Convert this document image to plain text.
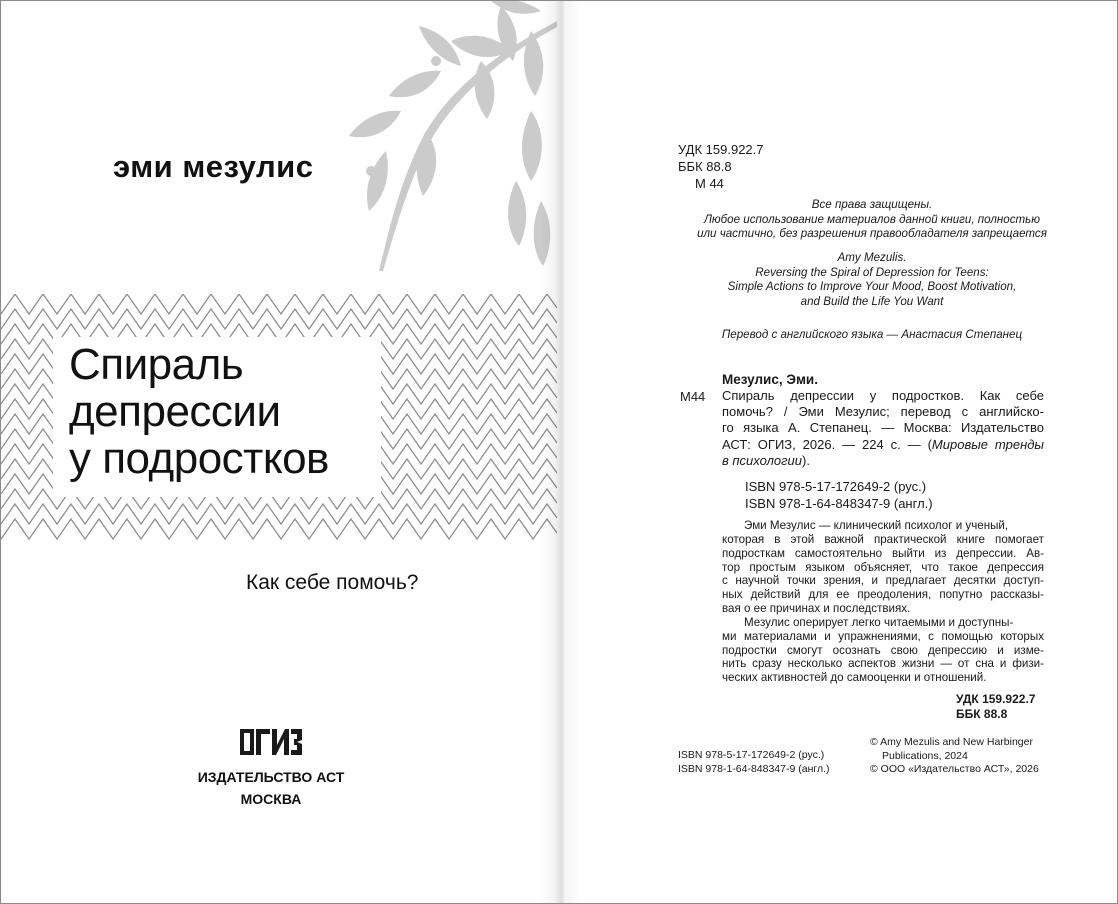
эми мезулис
Спираль
депрессии
у подростков
Как себе помочь?
ИЗДАТЕЛЬСТВО АСТ
МОСКВА
УДК 159.922.7
ББК 88.8
М 44
Все права защищены.
Любое использование материалов данной книги, полностью
или частично, без разрешения правообладателя запрещается
Amy Mezulis.
Reversing the Spiral of Depression for Teens:
Simple Actions to Improve Your Mood, Boost Motivation,
and Build the Life You Want
Перевод с английского языка — Анастасия Степанец
М44
Мезулис, Эми.
Спираль депрессии у подростков. Как себе
помочь? / Эми Мезулис; перевод с английско-
го языка А. Степанец. — Москва: Издательство
АСТ: ОГИЗ, 2026. — 224 с. — (Мировые тренды
в психологии).
ISBN 978-5-17-172649-2 (рус.)
ISBN 978-1-64-848347-9 (англ.)
Эми Мезулис — клинический психолог и ученый,
которая в этой важной практической книге помогает
подросткам самостоятельно выйти из депрессии. Ав-
тор простым языком объясняет, что такое депрессия
с научной точки зрения, и предлагает десятки доступ-
ных действий для ее преодоления, попутно рассказы-
вая о ее причинах и последствиях.
Мезулис оперирует легко читаемыми и доступны-
ми материалами и упражнениями, с помощью которых
подростки смогут осознать свою депрессию и изме-
нить сразу несколько аспектов жизни — от сна и физи-
ческих активностей до самооценки и отношений.
УДК 159.922.7
ББК 88.8
ISBN 978-5-17-172649-2 (рус.)
ISBN 978-1-64-848347-9 (англ.)
© Amy Mezulis and New Harbinger
Publications, 2024
© ООО «Издательство АСТ», 2026
